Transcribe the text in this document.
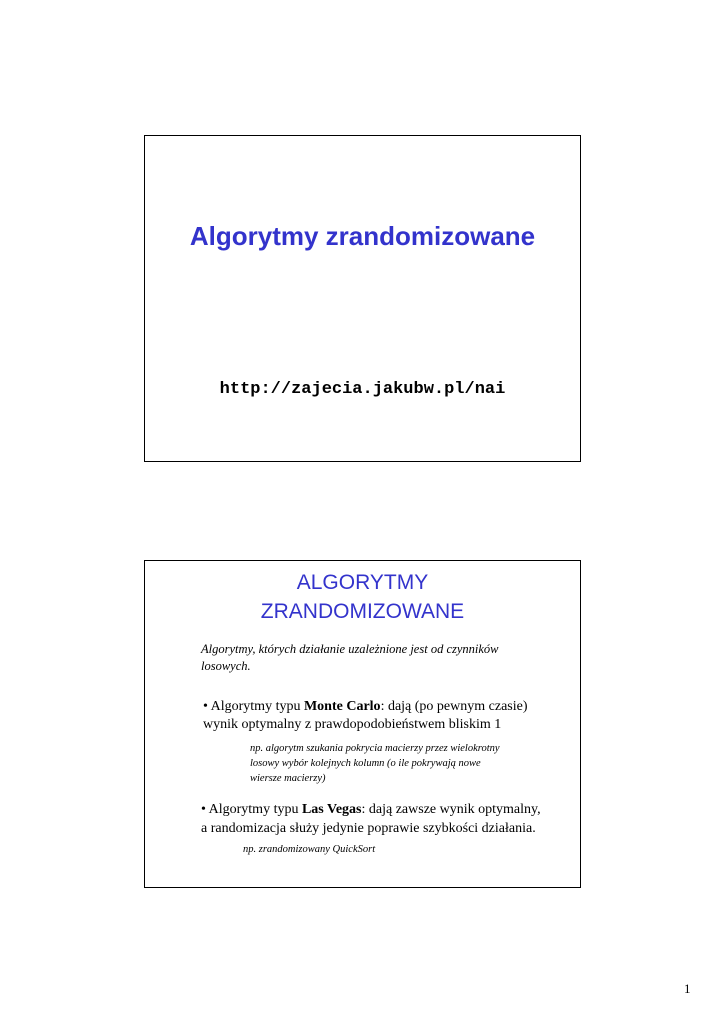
Algorytmy zrandomizowane
http://zajecia.jakubw.pl/nai
ALGORYTMY
ZRANDOMIZOWANE
Algorytmy, których działanie uzależnione jest od czynników
losowych.
• Algorytmy typu Monte Carlo: dają (po pewnym czasie)
wynik optymalny z prawdopodobieństwem bliskim 1
np. algorytm szukania pokrycia macierzy przez wielokrotny
losowy wybór kolejnych kolumn (o ile pokrywają nowe
wiersze macierzy)
• Algorytmy typu Las Vegas: dają zawsze wynik optymalny,
a randomizacja służy jedynie poprawie szybkości działania.
np. zrandomizowany QuickSort
1
